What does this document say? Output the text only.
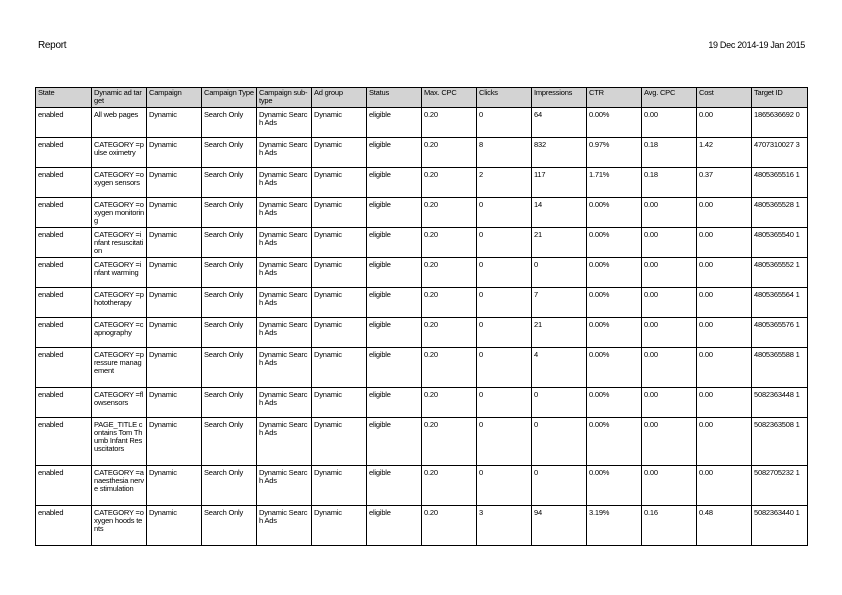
Report	19 Dec 2014-19 Jan 2015
State	Dynamic ad target	Campaign	Campaign Type	Campaign sub-type	Ad group	Status	Max. CPC	Clicks	Impressions	CTR	Avg. CPC	Cost	Target ID
enabled	All web pages	Dynamic	Search Only	Dynamic Search Ads	Dynamic	eligible	0.20	0	64	0.00%	0.00	0.00	1865636692 0
enabled	CATEGORY =pulse oximetry	Dynamic	Search Only	Dynamic Search Ads	Dynamic	eligible	0.20	8	832	0.97%	0.18	1.42	4707310027 3
enabled	CATEGORY =oxygen sensors	Dynamic	Search Only	Dynamic Search Ads	Dynamic	eligible	0.20	2	117	1.71%	0.18	0.37	4805365516 1
enabled	CATEGORY =oxygen monitoring	Dynamic	Search Only	Dynamic Search Ads	Dynamic	eligible	0.20	0	14	0.00%	0.00	0.00	4805365528 1
enabled	CATEGORY =infant resuscitation	Dynamic	Search Only	Dynamic Search Ads	Dynamic	eligible	0.20	0	21	0.00%	0.00	0.00	4805365540 1
enabled	CATEGORY =infant warming	Dynamic	Search Only	Dynamic Search Ads	Dynamic	eligible	0.20	0	0	0.00%	0.00	0.00	4805365552 1
enabled	CATEGORY =phototherapy	Dynamic	Search Only	Dynamic Search Ads	Dynamic	eligible	0.20	0	7	0.00%	0.00	0.00	4805365564 1
enabled	CATEGORY =capnography	Dynamic	Search Only	Dynamic Search Ads	Dynamic	eligible	0.20	0	21	0.00%	0.00	0.00	4805365576 1
enabled	CATEGORY =pressure management	Dynamic	Search Only	Dynamic Search Ads	Dynamic	eligible	0.20	0	4	0.00%	0.00	0.00	4805365588 1
enabled	CATEGORY =flowsensors	Dynamic	Search Only	Dynamic Search Ads	Dynamic	eligible	0.20	0	0	0.00%	0.00	0.00	5082363448 1
enabled	PAGE_TITLE contains Tom Thumb Infant Resuscitators	Dynamic	Search Only	Dynamic Search Ads	Dynamic	eligible	0.20	0	0	0.00%	0.00	0.00	5082363508 1
enabled	CATEGORY =anaesthesia nerve stimulation	Dynamic	Search Only	Dynamic Search Ads	Dynamic	eligible	0.20	0	0	0.00%	0.00	0.00	5082705232 1
enabled	CATEGORY =oxygen hoods tents	Dynamic	Search Only	Dynamic Search Ads	Dynamic	eligible	0.20	3	94	3.19%	0.16	0.48	5082363440 1
